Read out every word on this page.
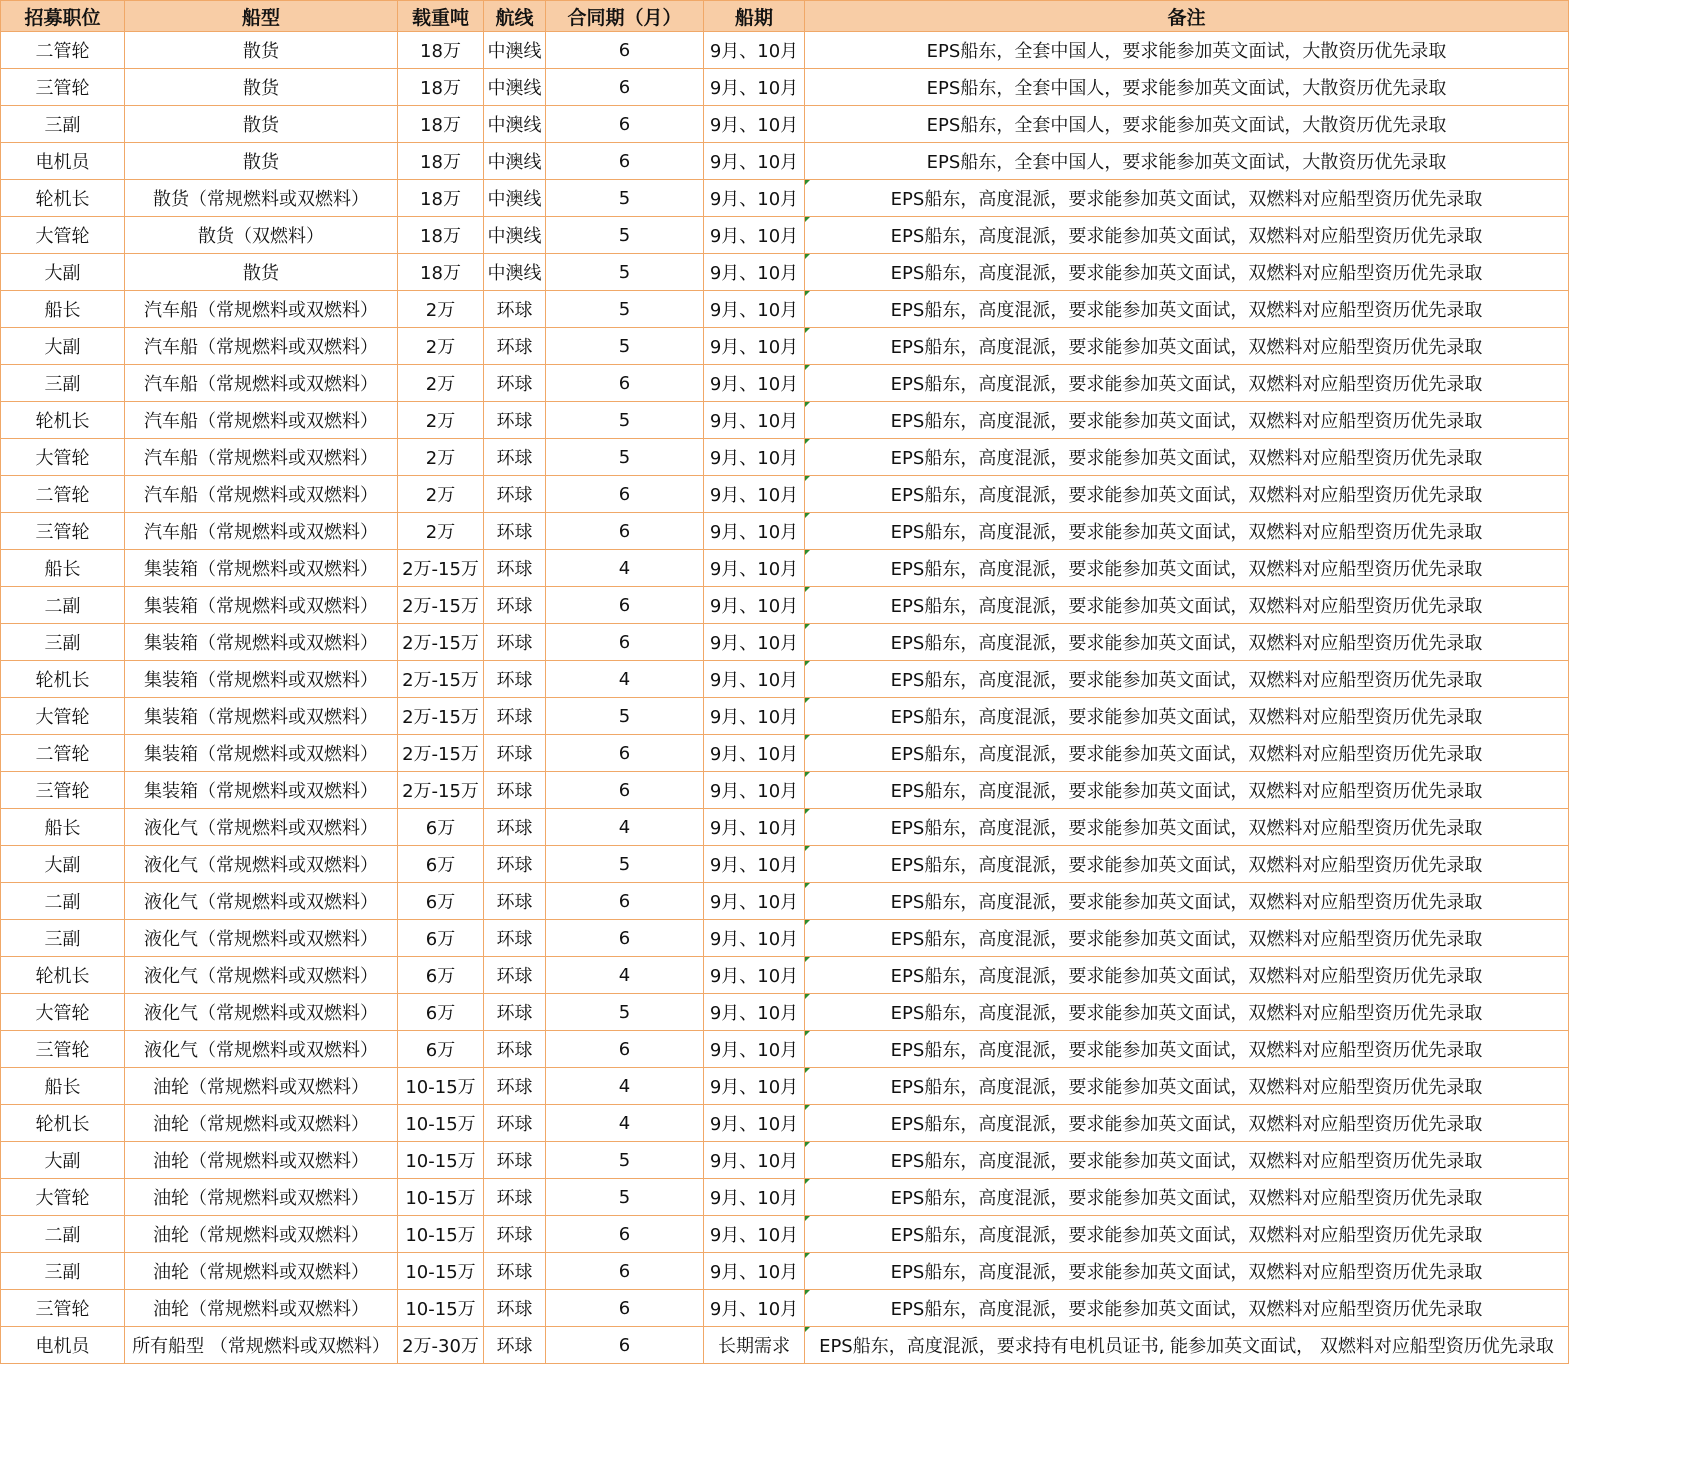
招募职位	船型	载重吨	航线	合同期（月）	船期	备注
二管轮	散货	18万	中澳线	6	9月、10月	EPS船东，全套中国人，要求能参加英文面试，大散资历优先录取
三管轮	散货	18万	中澳线	6	9月、10月	EPS船东，全套中国人，要求能参加英文面试，大散资历优先录取
三副	散货	18万	中澳线	6	9月、10月	EPS船东，全套中国人，要求能参加英文面试，大散资历优先录取
电机员	散货	18万	中澳线	6	9月、10月	EPS船东，全套中国人，要求能参加英文面试，大散资历优先录取
轮机长	散货（常规燃料或双燃料）	18万	中澳线	5	9月、10月	EPS船东，高度混派，要求能参加英文面试，双燃料对应船型资历优先录取
大管轮	散货（双燃料）	18万	中澳线	5	9月、10月	EPS船东，高度混派，要求能参加英文面试，双燃料对应船型资历优先录取
大副	散货	18万	中澳线	5	9月、10月	EPS船东，高度混派，要求能参加英文面试，双燃料对应船型资历优先录取
船长	汽车船（常规燃料或双燃料）	2万	环球	5	9月、10月	EPS船东，高度混派，要求能参加英文面试，双燃料对应船型资历优先录取
大副	汽车船（常规燃料或双燃料）	2万	环球	5	9月、10月	EPS船东，高度混派，要求能参加英文面试，双燃料对应船型资历优先录取
三副	汽车船（常规燃料或双燃料）	2万	环球	6	9月、10月	EPS船东，高度混派，要求能参加英文面试，双燃料对应船型资历优先录取
轮机长	汽车船（常规燃料或双燃料）	2万	环球	5	9月、10月	EPS船东，高度混派，要求能参加英文面试，双燃料对应船型资历优先录取
大管轮	汽车船（常规燃料或双燃料）	2万	环球	5	9月、10月	EPS船东，高度混派，要求能参加英文面试，双燃料对应船型资历优先录取
二管轮	汽车船（常规燃料或双燃料）	2万	环球	6	9月、10月	EPS船东，高度混派，要求能参加英文面试，双燃料对应船型资历优先录取
三管轮	汽车船（常规燃料或双燃料）	2万	环球	6	9月、10月	EPS船东，高度混派，要求能参加英文面试，双燃料对应船型资历优先录取
船长	集装箱（常规燃料或双燃料）	2万-15万	环球	4	9月、10月	EPS船东，高度混派，要求能参加英文面试，双燃料对应船型资历优先录取
二副	集装箱（常规燃料或双燃料）	2万-15万	环球	6	9月、10月	EPS船东，高度混派，要求能参加英文面试，双燃料对应船型资历优先录取
三副	集装箱（常规燃料或双燃料）	2万-15万	环球	6	9月、10月	EPS船东，高度混派，要求能参加英文面试，双燃料对应船型资历优先录取
轮机长	集装箱（常规燃料或双燃料）	2万-15万	环球	4	9月、10月	EPS船东，高度混派，要求能参加英文面试，双燃料对应船型资历优先录取
大管轮	集装箱（常规燃料或双燃料）	2万-15万	环球	5	9月、10月	EPS船东，高度混派，要求能参加英文面试，双燃料对应船型资历优先录取
二管轮	集装箱（常规燃料或双燃料）	2万-15万	环球	6	9月、10月	EPS船东，高度混派，要求能参加英文面试，双燃料对应船型资历优先录取
三管轮	集装箱（常规燃料或双燃料）	2万-15万	环球	6	9月、10月	EPS船东，高度混派，要求能参加英文面试，双燃料对应船型资历优先录取
船长	液化气（常规燃料或双燃料）	6万	环球	4	9月、10月	EPS船东，高度混派，要求能参加英文面试，双燃料对应船型资历优先录取
大副	液化气（常规燃料或双燃料）	6万	环球	5	9月、10月	EPS船东，高度混派，要求能参加英文面试，双燃料对应船型资历优先录取
二副	液化气（常规燃料或双燃料）	6万	环球	6	9月、10月	EPS船东，高度混派，要求能参加英文面试，双燃料对应船型资历优先录取
三副	液化气（常规燃料或双燃料）	6万	环球	6	9月、10月	EPS船东，高度混派，要求能参加英文面试，双燃料对应船型资历优先录取
轮机长	液化气（常规燃料或双燃料）	6万	环球	4	9月、10月	EPS船东，高度混派，要求能参加英文面试，双燃料对应船型资历优先录取
大管轮	液化气（常规燃料或双燃料）	6万	环球	5	9月、10月	EPS船东，高度混派，要求能参加英文面试，双燃料对应船型资历优先录取
三管轮	液化气（常规燃料或双燃料）	6万	环球	6	9月、10月	EPS船东，高度混派，要求能参加英文面试，双燃料对应船型资历优先录取
船长	油轮（常规燃料或双燃料）	10-15万	环球	4	9月、10月	EPS船东，高度混派，要求能参加英文面试，双燃料对应船型资历优先录取
轮机长	油轮（常规燃料或双燃料）	10-15万	环球	4	9月、10月	EPS船东，高度混派，要求能参加英文面试，双燃料对应船型资历优先录取
大副	油轮（常规燃料或双燃料）	10-15万	环球	5	9月、10月	EPS船东，高度混派，要求能参加英文面试，双燃料对应船型资历优先录取
大管轮	油轮（常规燃料或双燃料）	10-15万	环球	5	9月、10月	EPS船东，高度混派，要求能参加英文面试，双燃料对应船型资历优先录取
二副	油轮（常规燃料或双燃料）	10-15万	环球	6	9月、10月	EPS船东，高度混派，要求能参加英文面试，双燃料对应船型资历优先录取
三副	油轮（常规燃料或双燃料）	10-15万	环球	6	9月、10月	EPS船东，高度混派，要求能参加英文面试，双燃料对应船型资历优先录取
三管轮	油轮（常规燃料或双燃料）	10-15万	环球	6	9月、10月	EPS船东，高度混派，要求能参加英文面试，双燃料对应船型资历优先录取
电机员	所有船型 （常规燃料或双燃料）	2万-30万	环球	6	长期需求	EPS船东，高度混派，要求持有电机员证书, 能参加英文面试， 双燃料对应船型资历优先录取
